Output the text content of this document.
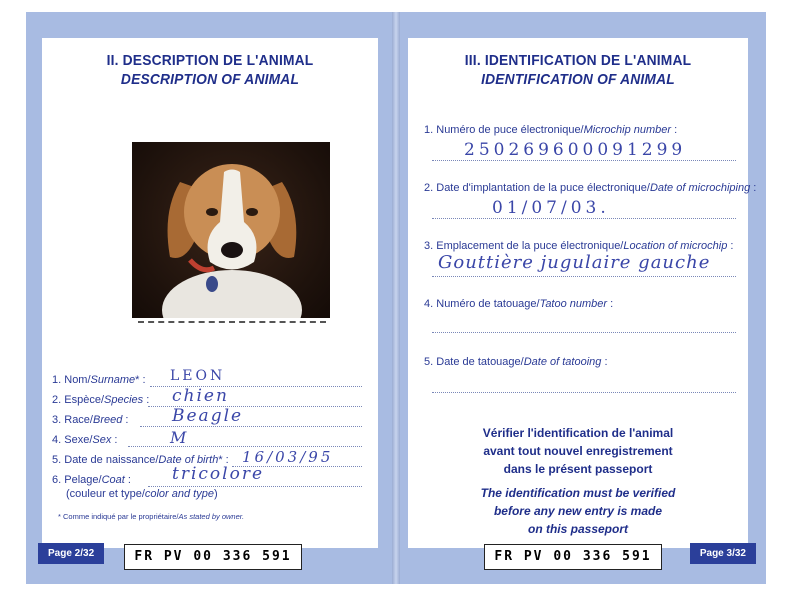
II. DESCRIPTION DE L'ANIMAL
DESCRIPTION OF ANIMAL
1. Nom/Surname* : LEON
2. Espèce/Species : chien
3. Race/Breed :	Beagle
4. Sexe/Sex :	M
5. Date de naissance/Date of birth* : 16/03/95
6. Pelage/Coat : tricolore
(couleur et type/color and type)
* Comme indiqué par le propriétaire/As stated by owner.
Page 2/32	FR PV 00 336 591
III. IDENTIFICATION DE L'ANIMAL
IDENTIFICATION OF ANIMAL
1. Numéro de puce électronique/Microchip number :
250269600091299
2. Date d'implantation de la puce électronique/Date of microchiping :
01/07/03.
3. Emplacement de la puce électronique/Location of microchip :
Gouttière jugulaire gauche
4. Numéro de tatouage/Tatoo number :
5. Date de tatouage/Date of tatooing :
Vérifier l'identification de l'animal
avant tout nouvel enregistrement
dans le présent passeport
The identification must be verified
before any new entry is made
on this passeport
FR PV 00 336 591	Page 3/32
